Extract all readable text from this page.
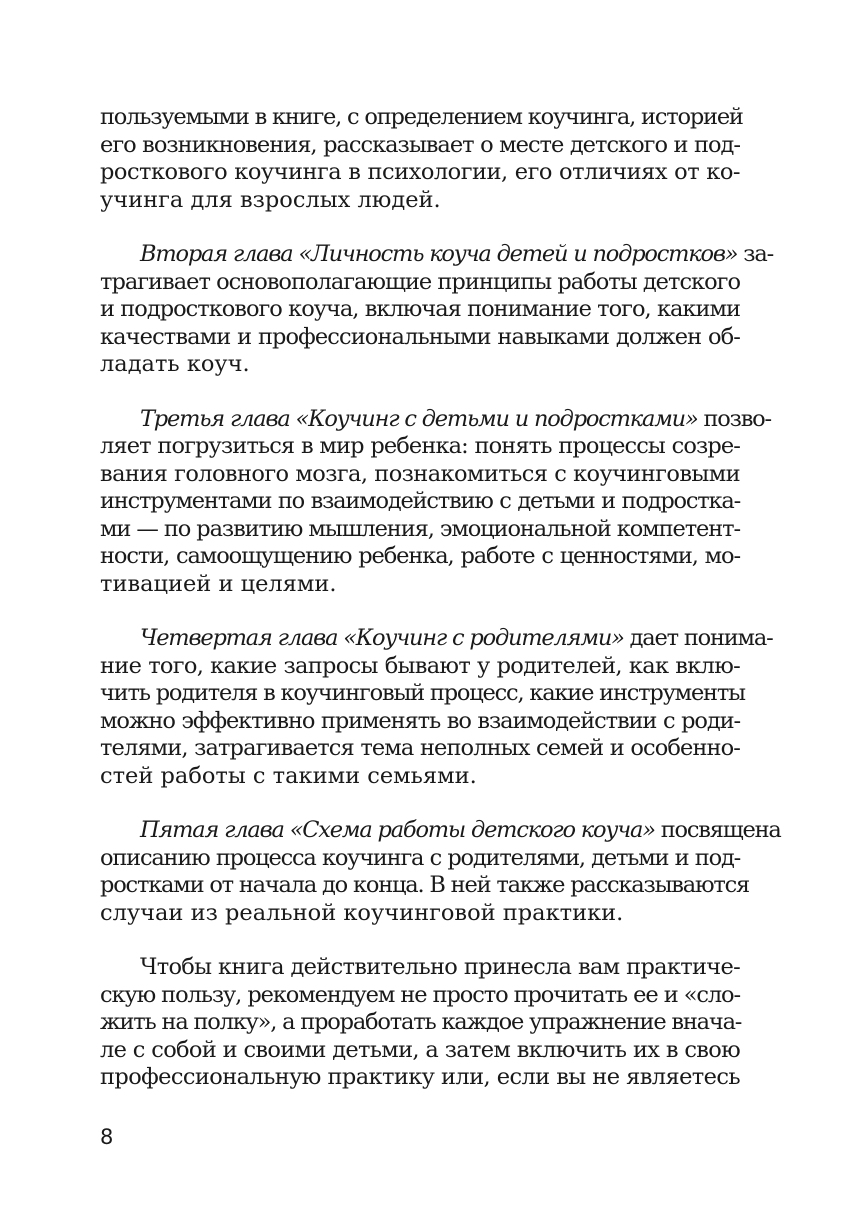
пользуемыми в книге, с определением коучинга, историей
его возникновения, рассказывает о месте детского и под-
росткового коучинга в психологии, его отличиях от ко-
учинга для взрослых людей.
Вторая глава «Личность коуча детей и подростков» за-
трагивает основополагающие принципы работы детского
и подросткового коуча, включая понимание того, какими
качествами и профессиональными навыками должен об-
ладать коуч.
Третья глава «Коучинг с детьми и подростками» позво-
ляет погрузиться в мир ребенка: понять процессы созре-
вания головного мозга, познакомиться с коучинговыми
инструментами по взаимодействию с детьми и подростка-
ми — по развитию мышления, эмоциональной компетент-
ности, самоощущению ребенка, работе с ценностями, мо-
тивацией и целями.
Четвертая глава «Коучинг с родителями» дает понима-
ние того, какие запросы бывают у родителей, как вклю-
чить родителя в коучинговый процесс, какие инструменты
можно эффективно применять во взаимодействии с роди-
телями, затрагивается тема неполных семей и особенно-
стей работы с такими семьями.
Пятая глава «Схема работы детского коуча» посвящена
описанию процесса коучинга с родителями, детьми и под-
ростками от начала до конца. В ней также рассказываются
случаи из реальной коучинговой практики.
Чтобы книга действительно принесла вам практиче-
скую пользу, рекомендуем не просто прочитать ее и «сло-
жить на полку», а проработать каждое упражнение внача-
ле с собой и своими детьми, а затем включить их в свою
профессиональную практику или, если вы не являетесь
8
